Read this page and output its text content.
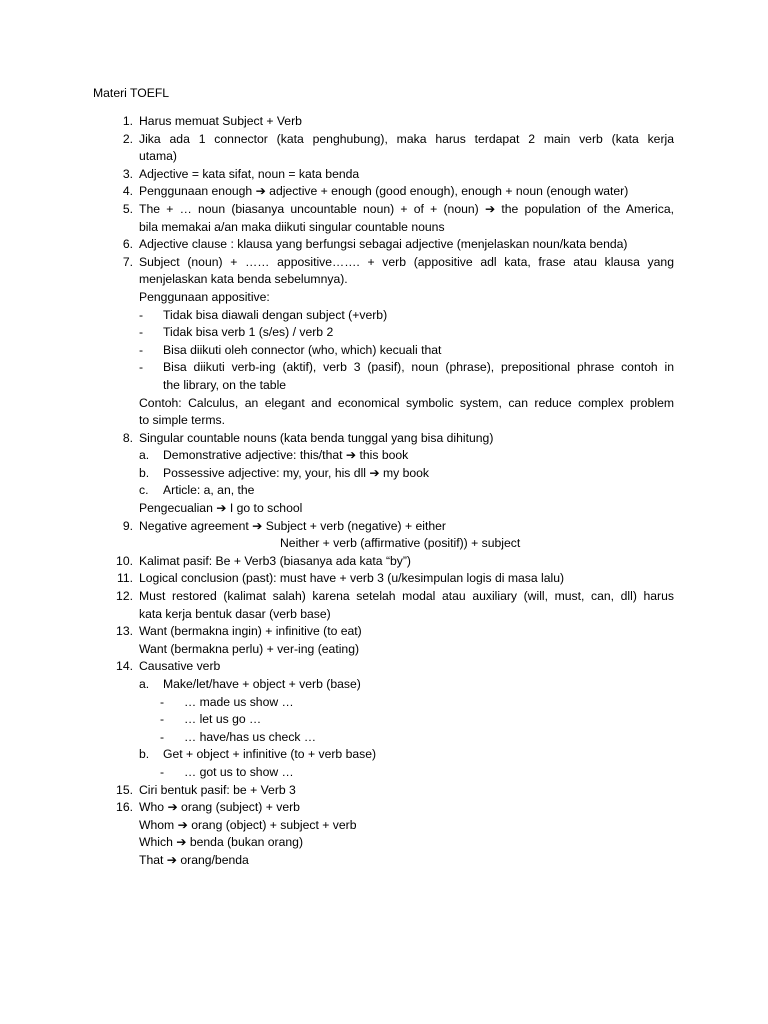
Materi TOEFL
1. Harus memuat Subject + Verb
2. Jika ada 1 connector (kata penghubung), maka harus terdapat 2 main verb (kata kerja
utama)
3. Adjective = kata sifat, noun = kata benda
4. Penggunaan enough ➔ adjective + enough (good enough), enough + noun (enough water)
5. The + … noun (biasanya uncountable noun) + of + (noun) ➔ the population of the America,
bila memakai a/an maka diikuti singular countable nouns
6. Adjective clause : klausa yang berfungsi sebagai adjective (menjelaskan noun/kata benda)
7. Subject (noun) + …… appositive……. + verb (appositive adl kata, frase atau klausa yang
menjelaskan kata benda sebelumnya).
Penggunaan appositive:
- Tidak bisa diawali dengan subject (+verb)
- Tidak bisa verb 1 (s/es) / verb 2
- Bisa diikuti oleh connector (who, which) kecuali that
- Bisa diikuti verb-ing (aktif), verb 3 (pasif), noun (phrase), prepositional phrase contoh in
the library, on the table
Contoh: Calculus, an elegant and economical symbolic system, can reduce complex problem
to simple terms.
8. Singular countable nouns (kata benda tunggal yang bisa dihitung)
a. Demonstrative adjective: this/that ➔ this book
b. Possessive adjective: my, your, his dll ➔ my book
c. Article: a, an, the
Pengecualian ➔ I go to school
9. Negative agreement ➔ Subject + verb (negative) + either
Neither + verb (affirmative (positif)) + subject
10. Kalimat pasif: Be + Verb3 (biasanya ada kata “by”)
11. Logical conclusion (past): must have + verb 3 (u/kesimpulan logis di masa lalu)
12. Must restored (kalimat salah) karena setelah modal atau auxiliary (will, must, can, dll) harus
kata kerja bentuk dasar (verb base)
13. Want (bermakna ingin) + infinitive (to eat)
Want (bermakna perlu) + ver-ing (eating)
14. Causative verb
a. Make/let/have + object + verb (base)
- … made us show …
- … let us go …
- … have/has us check …
b. Get + object + infinitive (to + verb base)
- … got us to show …
15. Ciri bentuk pasif: be + Verb 3
16. Who ➔ orang (subject) + verb
Whom ➔ orang (object) + subject + verb
Which ➔ benda (bukan orang)
That ➔ orang/benda
